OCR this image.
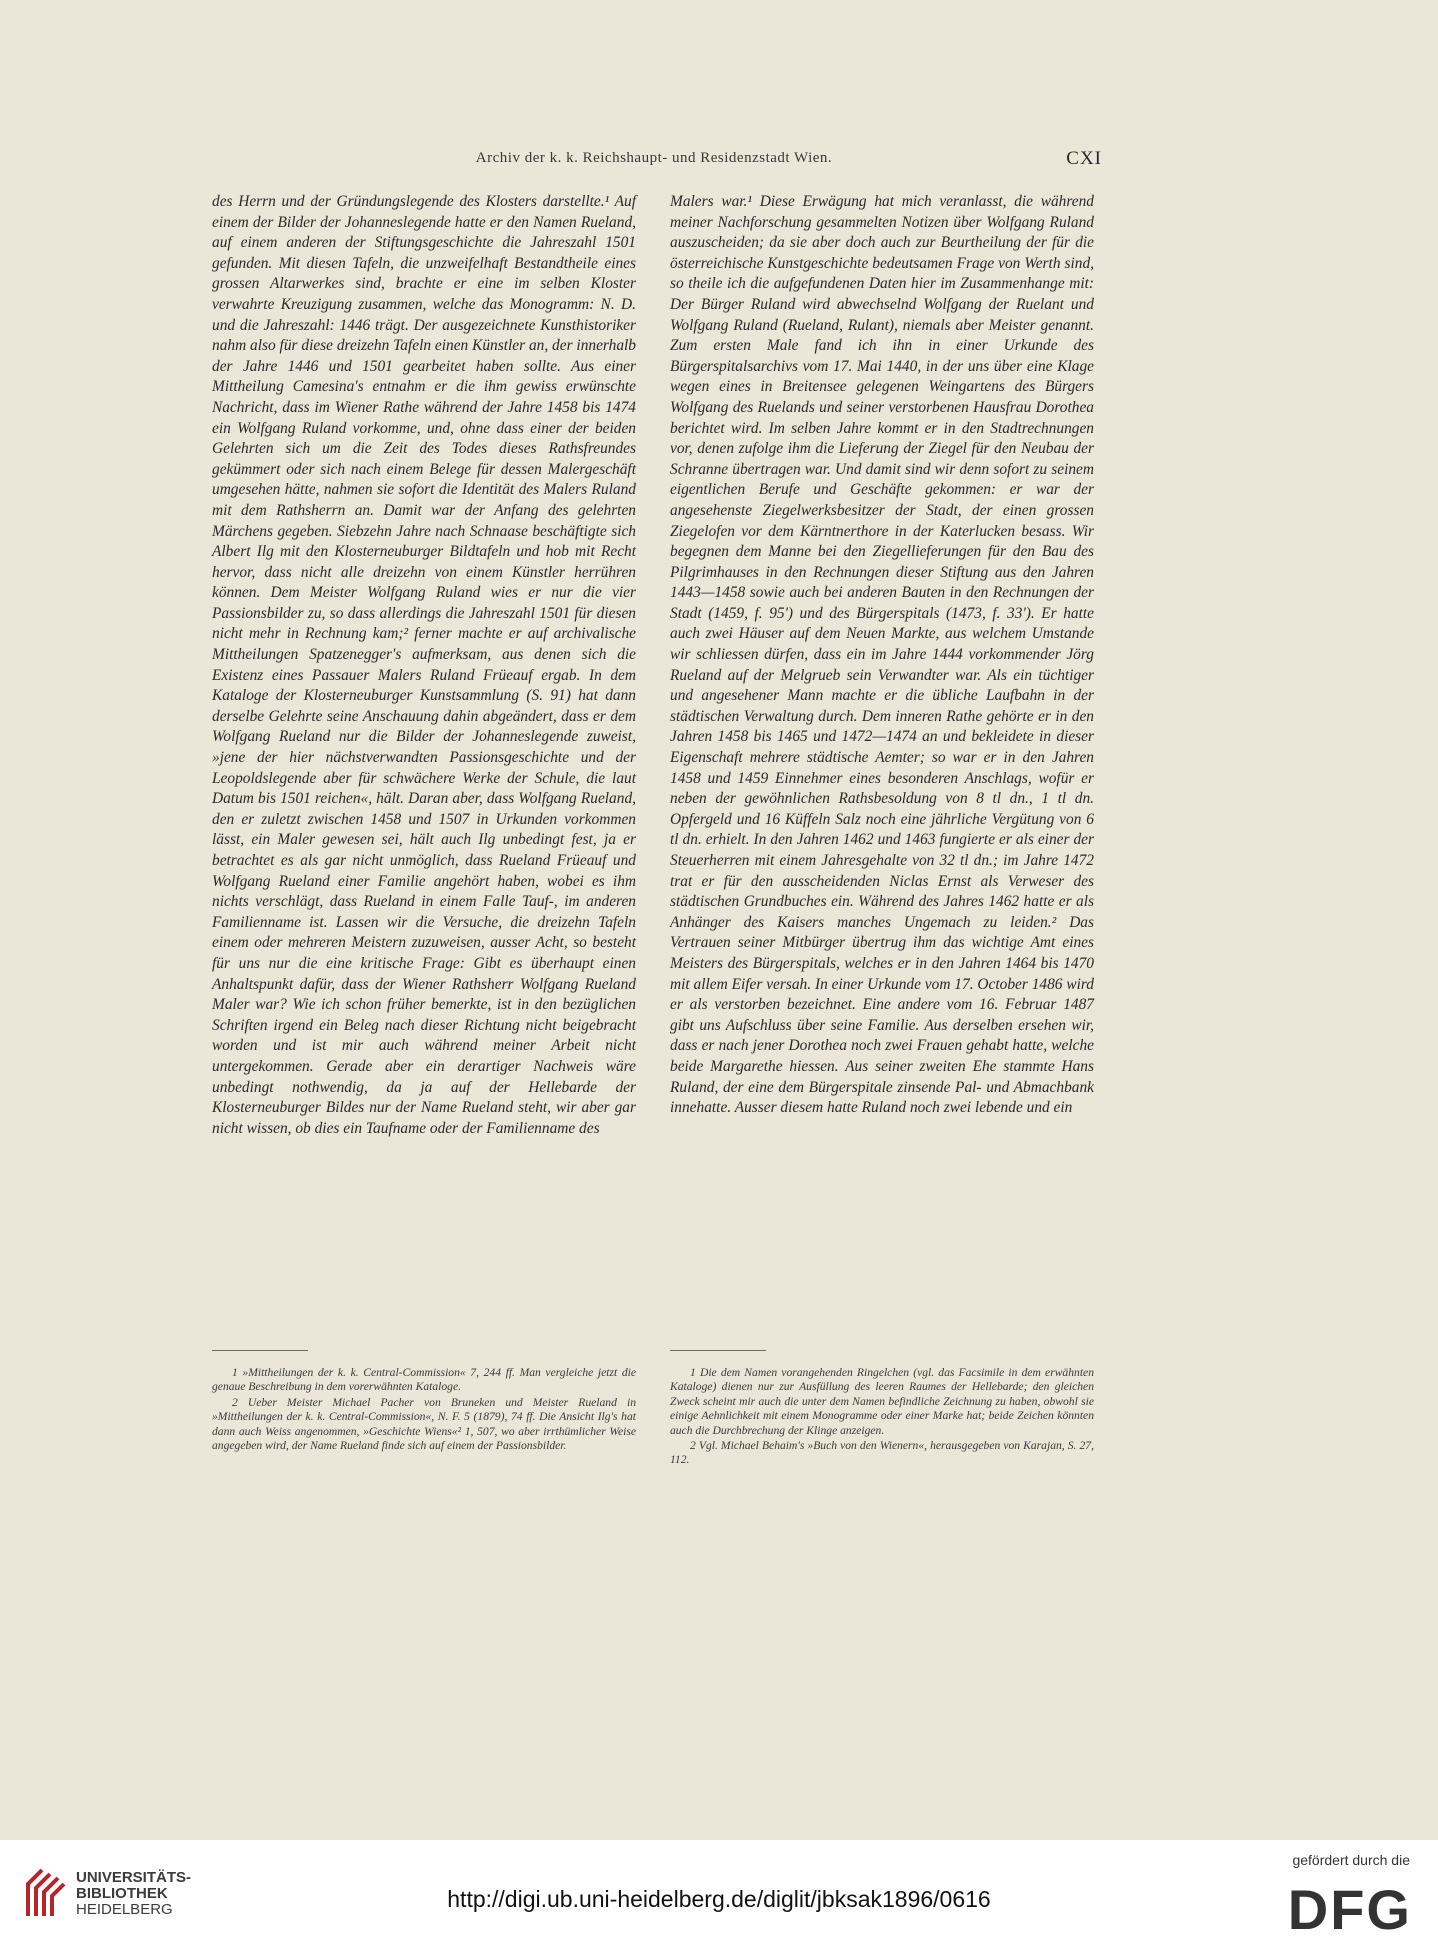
Archiv der k. k. Reichshaupt- und Residenzstadt Wien.	CXI

des Herrn und der Gründungslegende des Klosters darstellte.¹ Auf einem der Bilder der Johanneslegende hatte er den Namen Rueland, auf einem anderen der Stiftungsgeschichte die Jahreszahl 1501 gefunden. Mit diesen Tafeln, die unzweifelhaft Bestandtheile eines grossen Altarwerkes sind, brachte er eine im selben Kloster verwahrte Kreuzigung zusammen, welche das Monogramm: N. D. und die Jahreszahl: 1446 trägt. Der ausgezeichnete Kunsthistoriker nahm also für diese dreizehn Tafeln einen Künstler an, der innerhalb der Jahre 1446 und 1501 gearbeitet haben sollte. Aus einer Mittheilung Camesina's entnahm er die ihm gewiss erwünschte Nachricht, dass im Wiener Rathe während der Jahre 1458 bis 1474 ein Wolfgang Ruland vorkomme, und, ohne dass einer der beiden Gelehrten sich um die Zeit des Todes dieses Rathsfreundes gekümmert oder sich nach einem Belege für dessen Malergeschäft umgesehen hätte, nahmen sie sofort die Identität des Malers Ruland mit dem Rathsherrn an. Damit war der Anfang des gelehrten Märchens gegeben. Siebzehn Jahre nach Schnaase beschäftigte sich Albert Ilg mit den Klosterneuburger Bildtafeln und hob mit Recht hervor, dass nicht alle dreizehn von einem Künstler herrühren können. Dem Meister Wolfgang Ruland wies er nur die vier Passionsbilder zu, so dass allerdings die Jahreszahl 1501 für diesen nicht mehr in Rechnung kam;² ferner machte er auf archivalische Mittheilungen Spatzenegger's aufmerksam, aus denen sich die Existenz eines Passauer Malers Ruland Früeauf ergab. In dem Kataloge der Klosterneuburger Kunstsammlung (S. 91) hat dann derselbe Gelehrte seine Anschauung dahin abgeändert, dass er dem Wolfgang Rueland nur die Bilder der Johanneslegende zuweist, »jene der hier nächstverwandten Passionsgeschichte und der Leopoldslegende aber für schwächere Werke der Schule, die laut Datum bis 1501 reichen«, hält. Daran aber, dass Wolfgang Rueland, den er zuletzt zwischen 1458 und 1507 in Urkunden vorkommen lässt, ein Maler gewesen sei, hält auch Ilg unbedingt fest, ja er betrachtet es als gar nicht unmöglich, dass Rueland Früeauf und Wolfgang Rueland einer Familie angehört haben, wobei es ihm nichts verschlägt, dass Rueland in einem Falle Tauf-, im anderen Familienname ist. Lassen wir die Versuche, die dreizehn Tafeln einem oder mehreren Meistern zuzuweisen, ausser Acht, so besteht für uns nur die eine kritische Frage: Gibt es überhaupt einen Anhaltspunkt dafür, dass der Wiener Rathsherr Wolfgang Rueland Maler war? Wie ich schon früher bemerkte, ist in den bezüglichen Schriften irgend ein Beleg nach dieser Richtung nicht beigebracht worden und ist mir auch während meiner Arbeit nicht untergekommen. Gerade aber ein derartiger Nachweis wäre unbedingt nothwendig, da ja auf der Hellebarde der Klosterneuburger Bildes nur der Name Rueland steht, wir aber gar nicht wissen, ob dies ein Taufname oder der Familienname des

Malers war.¹ Diese Erwägung hat mich veranlasst, die während meiner Nachforschung gesammelten Notizen über Wolfgang Ruland auszuscheiden; da sie aber doch auch zur Beurtheilung der für die österreichische Kunstgeschichte bedeutsamen Frage von Werth sind, so theile ich die aufgefundenen Daten hier im Zusammenhange mit: Der Bürger Ruland wird abwechselnd Wolfgang der Ruelant und Wolfgang Ruland (Rueland, Rulant), niemals aber Meister genannt. Zum ersten Male fand ich ihn in einer Urkunde des Bürgerspitalsarchivs vom 17. Mai 1440, in der uns über eine Klage wegen eines in Breitensee gelegenen Weingartens des Bürgers Wolfgang des Ruelands und seiner verstorbenen Hausfrau Dorothea berichtet wird. Im selben Jahre kommt er in den Stadtrechnungen vor, denen zufolge ihm die Lieferung der Ziegel für den Neubau der Schranne übertragen war. Und damit sind wir denn sofort zu seinem eigentlichen Berufe und Geschäfte gekommen: er war der angesehenste Ziegelwerksbesitzer der Stadt, der einen grossen Ziegelofen vor dem Kärntnerthore in der Katerlucken besass. Wir begegnen dem Manne bei den Ziegellieferungen für den Bau des Pilgrimhauses in den Rechnungen dieser Stiftung aus den Jahren 1443—1458 sowie auch bei anderen Bauten in den Rechnungen der Stadt (1459, f. 95') und des Bürgerspitals (1473, f. 33'). Er hatte auch zwei Häuser auf dem Neuen Markte, aus welchem Umstande wir schliessen dürfen, dass ein im Jahre 1444 vorkommender Jörg Rueland auf der Melgrueb sein Verwandter war. Als ein tüchtiger und angesehener Mann machte er die übliche Laufbahn in der städtischen Verwaltung durch. Dem inneren Rathe gehörte er in den Jahren 1458 bis 1465 und 1472—1474 an und bekleidete in dieser Eigenschaft mehrere städtische Aemter; so war er in den Jahren 1458 und 1459 Einnehmer eines besonderen Anschlags, wofür er neben der gewöhnlichen Rathsbesoldung von 8 tl dn., 1 tl dn. Opfergeld und 16 Küffeln Salz noch eine jährliche Vergütung von 6 tl dn. erhielt. In den Jahren 1462 und 1463 fungierte er als einer der Steuerherren mit einem Jahresgehalte von 32 tl dn.; im Jahre 1472 trat er für den ausscheidenden Niclas Ernst als Verweser des städtischen Grundbuches ein. Während des Jahres 1462 hatte er als Anhänger des Kaisers manches Ungemach zu leiden.² Das Vertrauen seiner Mitbürger übertrug ihm das wichtige Amt eines Meisters des Bürgerspitals, welches er in den Jahren 1464 bis 1470 mit allem Eifer versah. In einer Urkunde vom 17. October 1486 wird er als verstorben bezeichnet. Eine andere vom 16. Februar 1487 gibt uns Aufschluss über seine Familie. Aus derselben ersehen wir, dass er nach jener Dorothea noch zwei Frauen gehabt hatte, welche beide Margarethe hiessen. Aus seiner zweiten Ehe stammte Hans Ruland, der eine dem Bürgerspitale zinsende Pal- und Abmachbank innehatte. Ausser diesem hatte Ruland noch zwei lebende und ein

1 »Mittheilungen der k. k. Central-Commission« 7, 244 ff. Man vergleiche jetzt die genaue Beschreibung in dem vorerwähnten Kataloge.

2 Ueber Meister Michael Pacher von Bruneken und Meister Rueland in »Mittheilungen der k. k. Central-Commission«, N. F. 5 (1879), 74 ff. Die Ansicht Ilg's hat dann auch Weiss angenommen, »Geschichte Wiens«² 1, 507, wo aber irrthümlicher Weise angegeben wird, der Name Rueland finde sich auf einem der Passionsbilder.

1 Die dem Namen vorangehenden Ringelchen (vgl. das Facsimile in dem erwähnten Kataloge) dienen nur zur Ausfüllung des leeren Raumes der Hellebarde; den gleichen Zweck scheint mir auch die unter dem Namen befindliche Zeichnung zu haben, obwohl sie einige Aehnlichkeit mit einem Monogramme oder einer Marke hat; beide Zeichen könnten auch die Durchbrechung der Klinge anzeigen.

2 Vgl. Michael Behaim's »Buch von den Wienern«, herausgegeben von Karajan, S. 27, 112.

UNIVERSITÄTS-
BIBLIOTHEK
HEIDELBERG	http://digi.ub.uni-heidelberg.de/diglit/jbksak1896/0616
gefördert durch die
DFG
